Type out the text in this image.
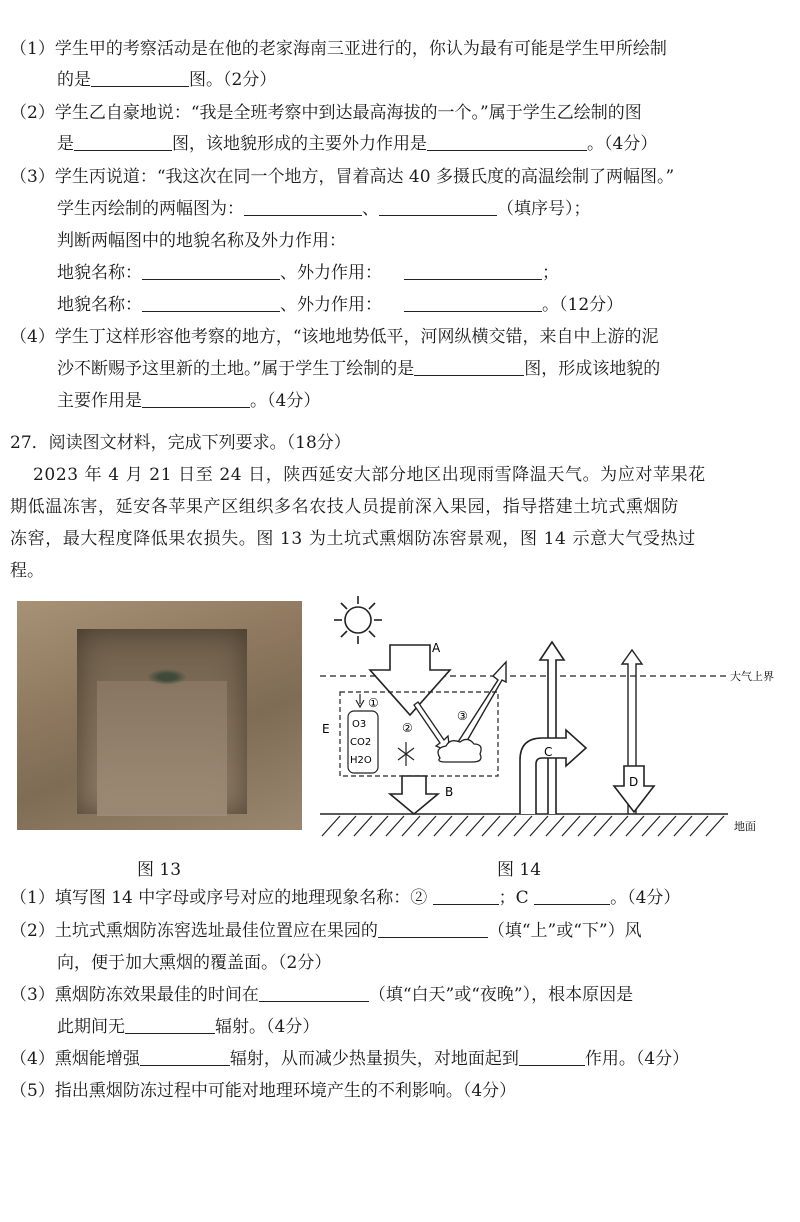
（1）学生甲的考察活动是在他的老家海南三亚进行的，你认为最有可能是学生甲所绘制
的是	图。（2分）
（2）学生乙自豪地说：“我是全班考察中到达最高海拔的一个。”属于学生乙绘制的图
是	图，该地貌形成的主要外力作用是	。（4分）
（3）学生丙说道：“我这次在同一个地方，冒着高达 40 多摄氏度的高温绘制了两幅图。”
学生丙绘制的两幅图为：	、	（填序号）；
判断两幅图中的地貌名称及外力作用：
地貌名称：	、外力作用：	；
地貌名称：	、外力作用：	。（12分）
（4）学生丁这样形容他考察的地方，“该地地势低平，河网纵横交错，来自中上游的泥
沙不断赐予这里新的土地。”属于学生丁绘制的是	图，形成该地貌的
主要作用是	。（4分）
27．阅读图文材料，完成下列要求。（18分）
2023 年 4 月 21 日至 24 日，陕西延安大部分地区出现雨雪降温天气。为应对苹果花
期低温冻害，延安各苹果产区组织多名农技人员提前深入果园，指导搭建土坑式熏烟防
冻窖，最大程度降低果农损失。图 13 为土坑式熏烟防冻窖景观，图 14 示意大气受热过
程。
大气上界
地面
A
③
E O3
CO2
H2O
①
②
B
C
D
图 13	图 14
（1）填写图 14 中字母或序号对应的地理现象名称：②	；C	。（4分）
（2）土坑式熏烟防冻窖选址最佳位置应在果园的	（填“上”或“下”）风
向，便于加大熏烟的覆盖面。（2分）
（3）熏烟防冻效果最佳的时间在	（填“白天”或“夜晚”），根本原因是
此期间无	辐射。（4分）
（4）熏烟能增强	辐射，从而减少热量损失，对地面起到	作用。（4分）
（5）指出熏烟防冻过程中可能对地理环境产生的不利影响。（4分）
